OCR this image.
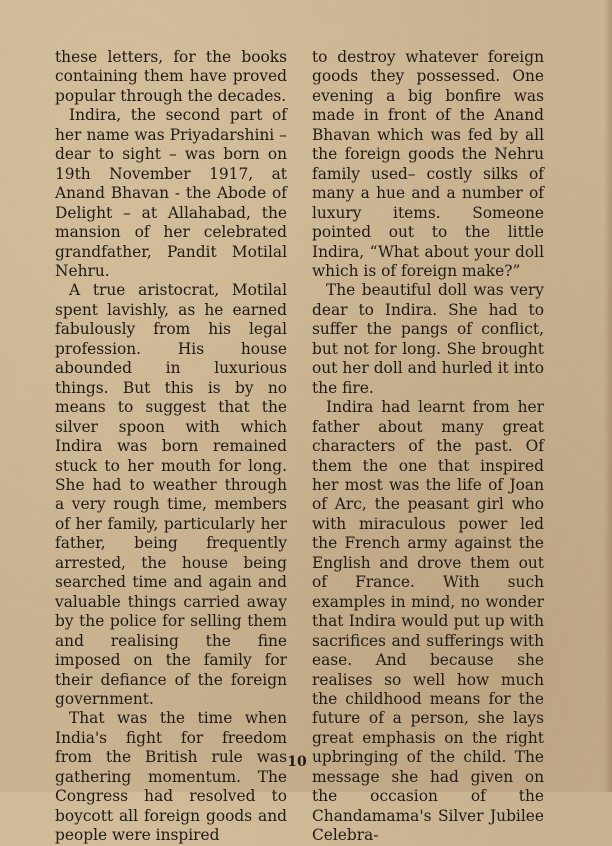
these letters, for the books containing them have proved popular through the decades.

Indira, the second part of her name was Priyadarshini – dear to sight – was born on 19th November 1917, at Anand Bhavan - the Abode of Delight – at Allahabad, the mansion of her celebrated grandfather, Pandit Motilal Nehru.

A true aristocrat, Motilal spent lavishly, as he earned fabulously from his legal profession. His house abounded in luxurious things. But this is by no means to suggest that the silver spoon with which Indira was born remained stuck to her mouth for long. She had to weather through a very rough time, members of her family, particularly her father, being frequently arrested, the house being searched time and again and valuable things carried away by the police for selling them and realising the fine imposed on the family for their defiance of the foreign government.

That was the time when India's fight for freedom from the British rule was gathering momentum. The Congress had resolved to boycott all foreign goods and people were inspired

to destroy whatever foreign goods they possessed. One evening a big bonfire was made in front of the Anand Bhavan which was fed by all the foreign goods the Nehru family used– costly silks of many a hue and a number of luxury items. Someone pointed out to the little Indira, “What about your doll which is of foreign make?”

The beautiful doll was very dear to Indira. She had to suffer the pangs of conflict, but not for long. She brought out her doll and hurled it into the fire.

Indira had learnt from her father about many great characters of the past. Of them the one that inspired her most was the life of Joan of Arc, the peasant girl who with miraculous power led the French army against the English and drove them out of France. With such examples in mind, no wonder that Indira would put up with sacrifices and sufferings with ease. And because she realises so well how much the childhood means for the future of a person, she lays great emphasis on the right upbringing of the child. The message she had given on the occasion of the Chandamama's Silver Jubilee Celebra-

10
